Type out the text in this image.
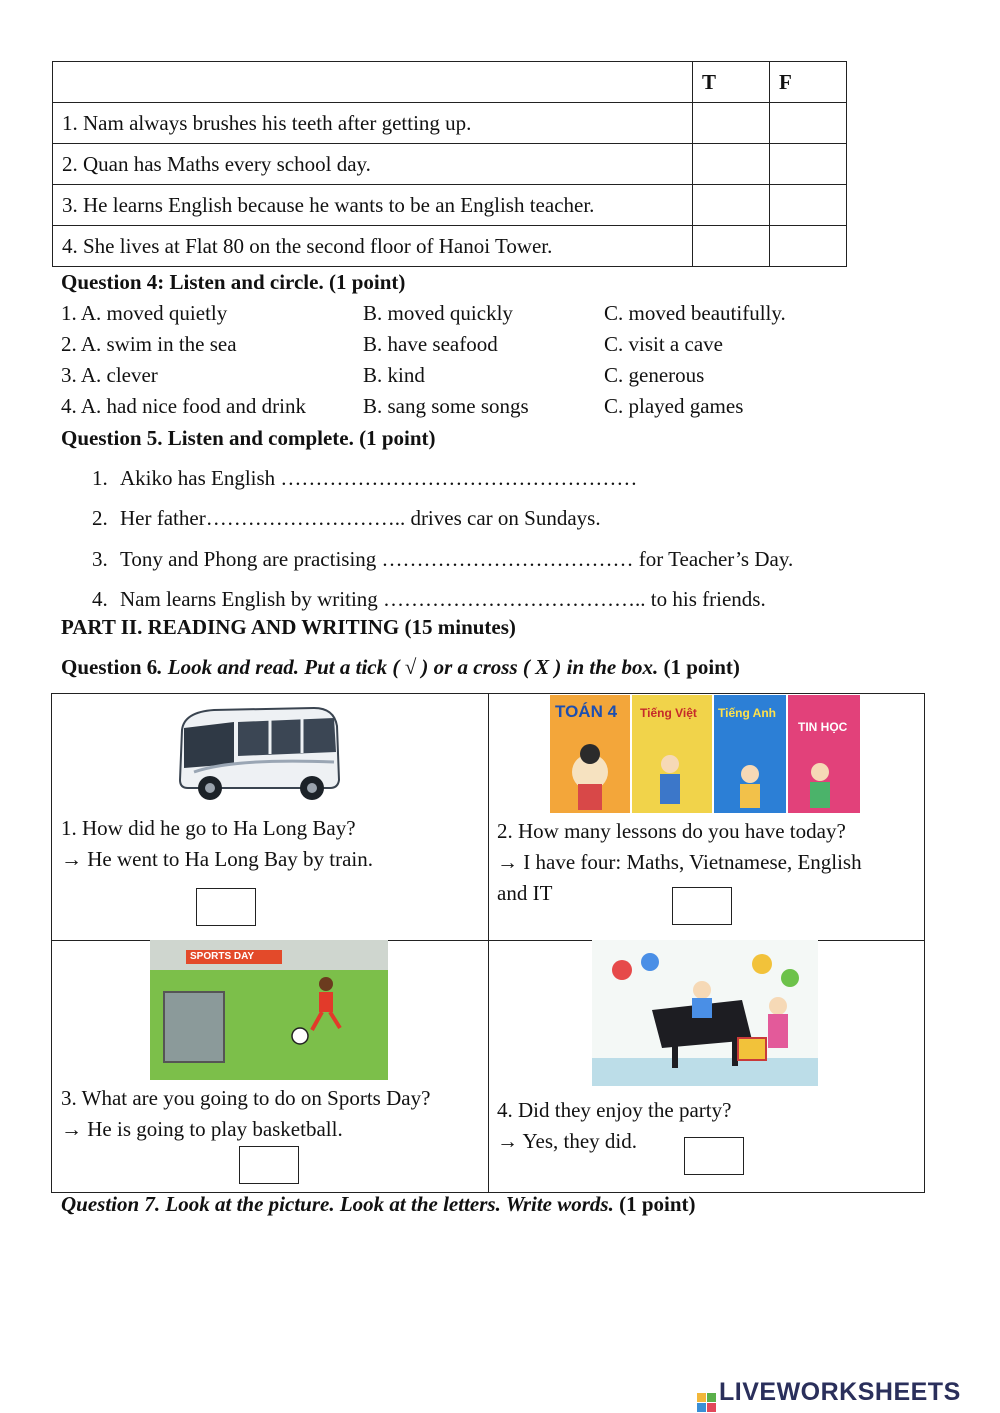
	T	F
1. Nam always brushes his teeth after getting up.		
2. Quan has Maths every school day.		
3. He learns English because he wants to be an English teacher.		
4. She lives at Flat 80 on the second floor of Hanoi Tower.		
Question 4: Listen and circle. (1 point)
1. A. moved quietly	B. moved quickly	C. moved beautifully.
2. A. swim in the sea	B. have seafood	C. visit a cave
3. A. clever	B. kind	C. generous
4. A. had nice food and drink	B. sang some songs	C. played games
Question 5. Listen and complete. (1 point)
1. Akiko has English ……………………………………………
2. Her father……………………….. drives car on Sundays.
3. Tony and Phong are practising ……………………………… for Teacher’s Day.
4. Nam learns English by writing ……………………………….. to his friends.
PART II. READING AND WRITING (15 minutes)
Question 6. Look and read. Put a tick ( √ ) or a cross ( X ) in the box. (1 point)
1. How did he go to Ha Long Bay?
→ He went to Ha Long Bay by train.
TOÁN 4 Tiếng Việt Tiếng Anh
TIN HỌC
2. How many lessons do you have today?
→ I have four: Maths, Vietnamese, English
and IT
SPORTS DAY
3. What are you going to do on Sports Day?
→ He is going to play basketball.
4. Did they enjoy the party?
→ Yes, they did.
Question 7. Look at the picture. Look at the letters. Write words. (1 point)
LIVEWORKSHEETS
